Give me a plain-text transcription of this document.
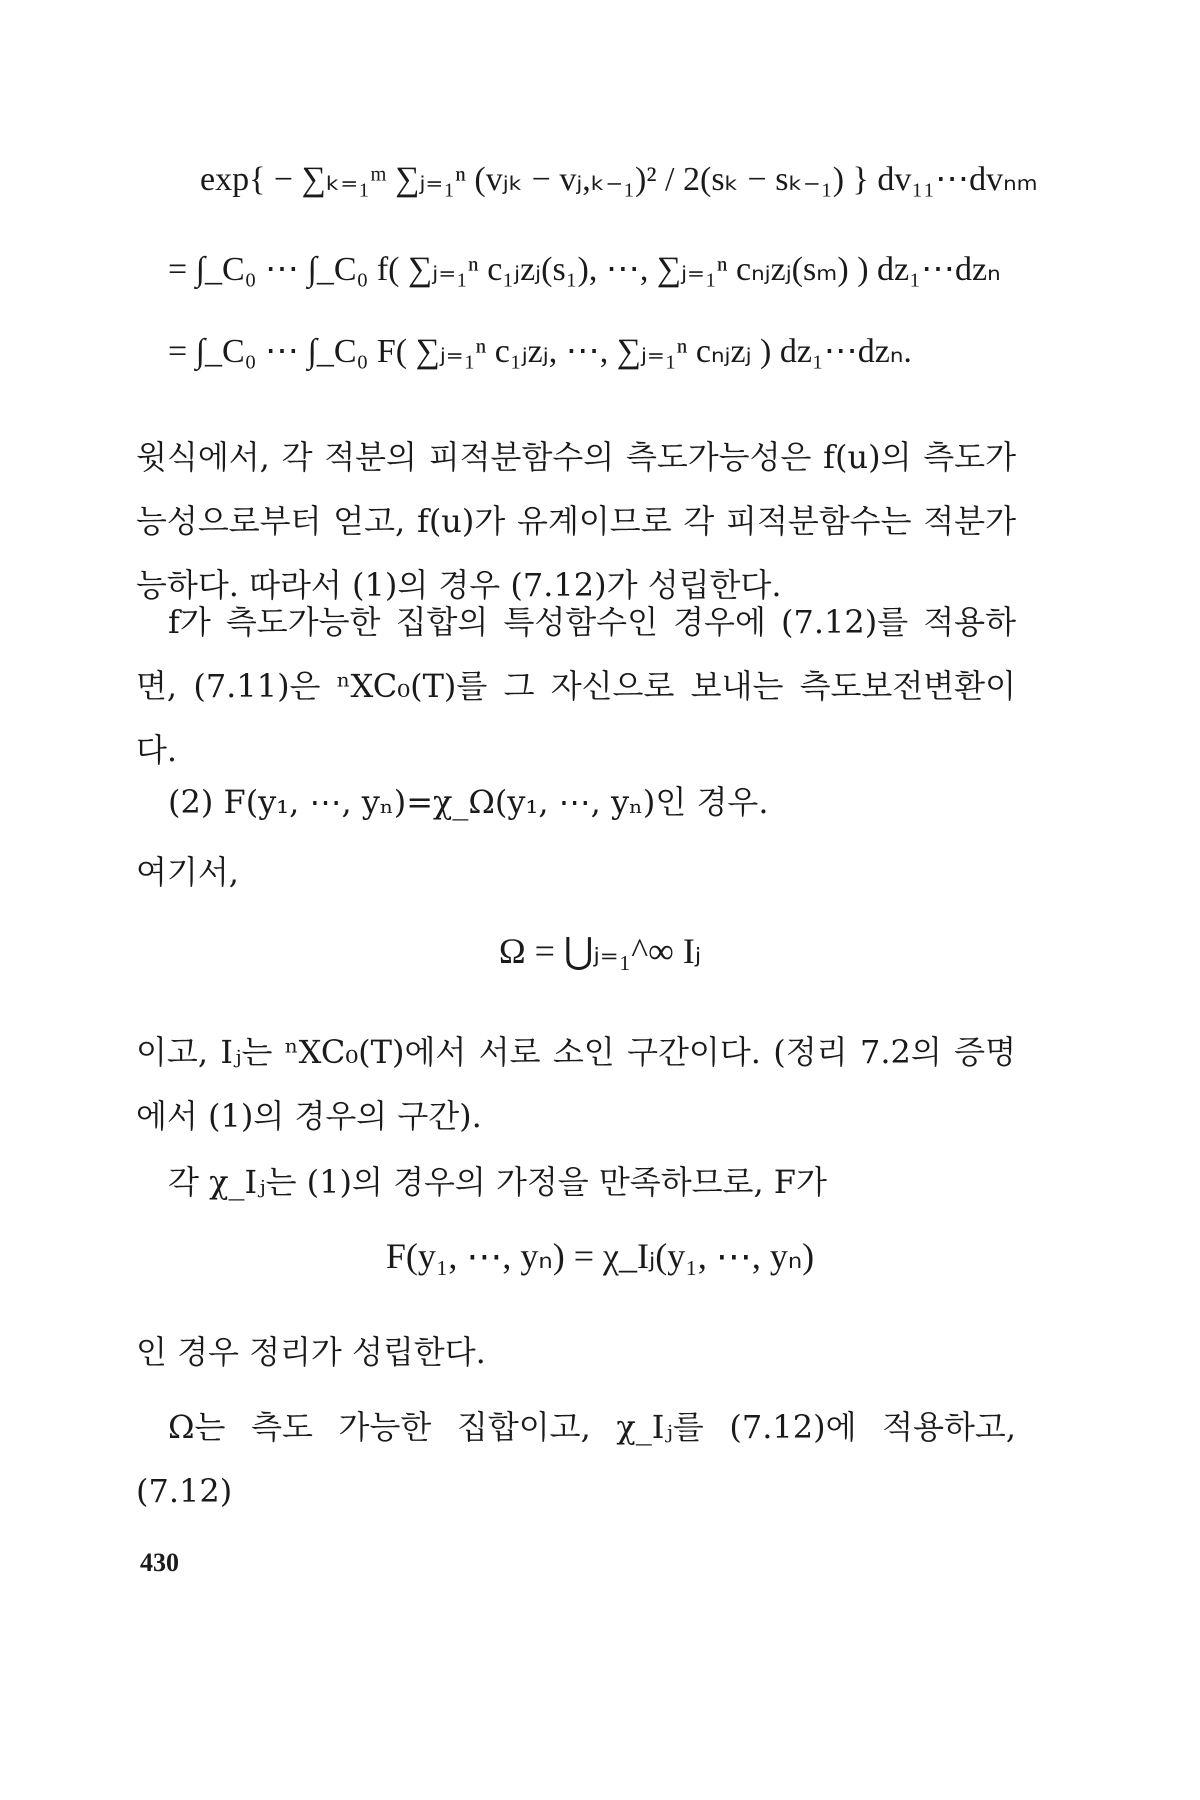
exp{ − ∑ₖ₌₁ᵐ ∑ⱼ₌₁ⁿ (vⱼₖ − vⱼ,ₖ₋₁)² / 2(sₖ − sₖ₋₁) } dv₁₁⋯dvₙₘ
= ∫_C₀ ⋯ ∫_C₀ f( ∑ⱼ₌₁ⁿ c₁ⱼzⱼ(s₁), ⋯, ∑ⱼ₌₁ⁿ cₙⱼzⱼ(sₘ) ) dz₁⋯dzₙ
= ∫_C₀ ⋯ ∫_C₀ F( ∑ⱼ₌₁ⁿ c₁ⱼzⱼ, ⋯, ∑ⱼ₌₁ⁿ cₙⱼzⱼ ) dz₁⋯dzₙ.
윗식에서, 각 적분의 피적분함수의 측도가능성은 f(u)의 측도가능성으로부터 얻고, f(u)가 유계이므로 각 피적분함수는 적분가능하다. 따라서 (1)의 경우 (7.12)가 성립한다.
f가 측도가능한 집합의 특성함수인 경우에 (7.12)를 적용하면, (7.11)은 ⁿXC₀(T)를 그 자신으로 보내는 측도보전변환이다.
(2) F(y₁, ⋯, yₙ)=χ_Ω(y₁, ⋯, yₙ)인 경우.
여기서,
Ω = ⋃ⱼ₌₁^∞ Iⱼ
이고, Iⱼ는 ⁿXC₀(T)에서 서로 소인 구간이다. (정리 7.2의 증명에서 (1)의 경우의 구간).
각 χ_Iⱼ는 (1)의 경우의 가정을 만족하므로, F가
F(y₁, ⋯, yₙ) = χ_Iⱼ(y₁, ⋯, yₙ)
인 경우 정리가 성립한다.
Ω는 측도 가능한 집합이고, χ_Iⱼ를 (7.12)에 적용하고, (7.12)
430
